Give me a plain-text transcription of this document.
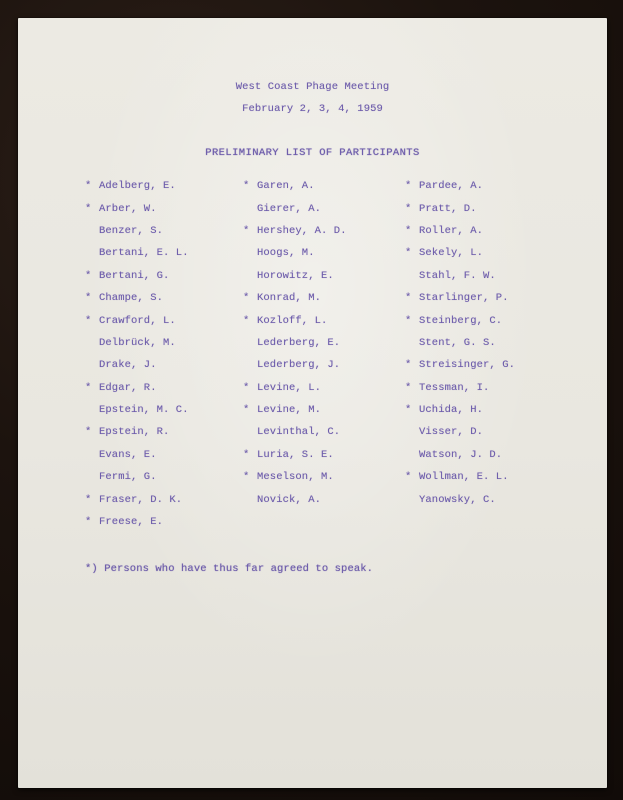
West Coast Phage Meeting
February 2, 3, 4, 1959
PRELIMINARY LIST OF PARTICIPANTS
* Adelberg, E.
* Arber, W.
Benzer, S.
Bertani, E. L.
* Bertani, G.
* Champe, S.
* Crawford, L.
Delbrück, M.
Drake, J.
* Edgar, R.
Epstein, M. C.
* Epstein, R.
Evans, E.
Fermi, G.
* Fraser, D. K.
* Freese, E.
* Garen, A.
Gierer, A.
* Hershey, A. D.
Hoogs, M.
Horowitz, E.
* Konrad, M.
* Kozloff, L.
Lederberg, E.
Lederberg, J.
* Levine, L.
* Levine, M.
Levinthal, C.
* Luria, S. E.
* Meselson, M.
Novick, A.
* Pardee, A.
* Pratt, D.
* Roller, A.
* Sekely, L.
Stahl, F. W.
* Starlinger, P.
* Steinberg, C.
Stent, G. S.
* Streisinger, G.
* Tessman, I.
* Uchida, H.
Visser, D.
Watson, J. D.
* Wollman, E. L.
Yanowsky, C.
*) Persons who have thus far agreed to speak.
